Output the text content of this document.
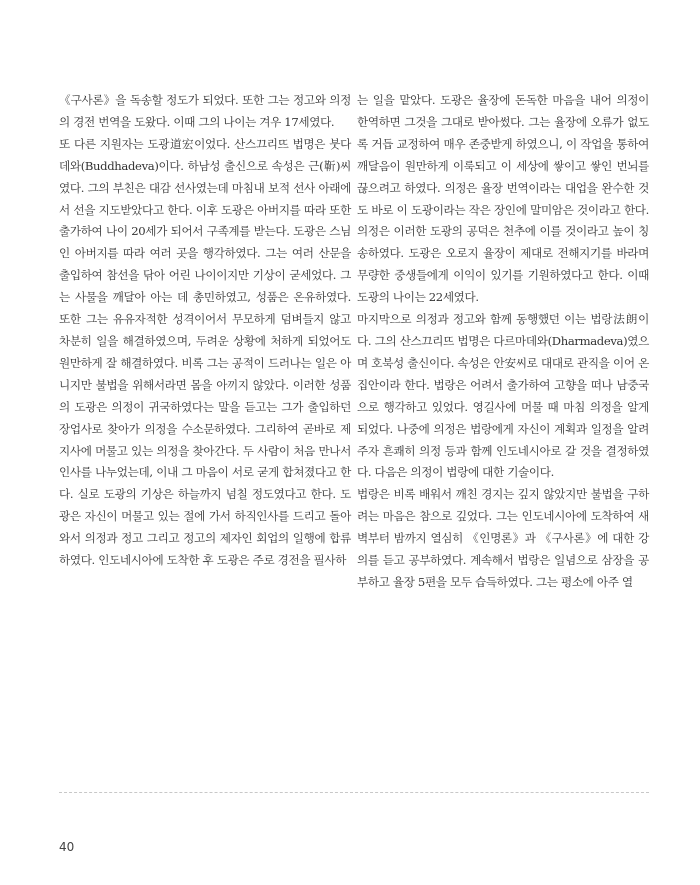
《구사론》을 독송할 정도가 되었다. 또한 그는 정고와 의정의 경전 번역을 도왔다. 이때 그의 나이는 겨우 17세였다.

또 다른 지원자는 도광道宏이었다. 산스끄리뜨 법명은 붓다데와(Buddhadeva)이다. 하남성 출신으로 속성은 근(靳)씨였다. 그의 부친은 대감 선사였는데 마침내 보적 선사 아래에서 선을 지도받았다고 한다. 이후 도광은 아버지를 따라 또한 출가하여 나이 20세가 되어서 구족계를 받는다. 도광은 스님인 아버지를 따라 여러 곳을 행각하였다. 그는 여러 산문을 출입하여 참선을 닦아 어린 나이이지만 기상이 굳세었다. 그는 사물을 깨달아 아는 데 총민하였고, 성품은 온유하였다. 또한 그는 유유자적한 성격이어서 무모하게 덤벼들지 않고 차분히 일을 해결하였으며, 두려운 상황에 처하게 되었어도 원만하게 잘 해결하였다. 비록 그는 공적이 드러나는 일은 아니지만 불법을 위해서라면 몸을 아끼지 않았다. 이러한 성품의 도광은 의정이 귀국하였다는 말을 듣고는 그가 출입하던 장업사로 찾아가 의정을 수소문하였다. 그리하여 곧바로 제지사에 머물고 있는 의정을 찾아간다. 두 사람이 처음 만나서 인사를 나누었는데, 이내 그 마음이 서로 굳게 합쳐졌다고 한다. 실로 도광의 기상은 하늘까지 넘칠 정도였다고 한다. 도광은 자신이 머물고 있는 절에 가서 하직인사를 드리고 돌아와서 의정과 정고 그리고 정고의 제자인 회업의 일행에 합류하였다. 인도네시아에 도착한 후 도광은 주로 경전을 필사하

는 일을 맡았다. 도광은 율장에 돈독한 마음을 내어 의정이 한역하면 그것을 그대로 받아썼다. 그는 율장에 오류가 없도록 거듭 교정하여 매우 존중받게 하였으니, 이 작업을 통하여 깨달음이 원만하게 이룩되고 이 세상에 쌓이고 쌓인 번뇌를 끊으려고 하였다. 의정은 율장 번역이라는 대업을 완수한 것도 바로 이 도광이라는 작은 장인에 말미암은 것이라고 한다. 의정은 이러한 도광의 공덕은 천추에 이를 것이라고 높이 칭송하였다. 도광은 오로지 율장이 제대로 전해지기를 바라며 무량한 중생들에게 이익이 있기를 기원하였다고 한다. 이때 도광의 나이는 22세였다.

마지막으로 의정과 정고와 함께 동행했던 이는 법랑法朗이다. 그의 산스끄리뜨 법명은 다르마데와(Dharmadeva)였으며 호북성 출신이다. 속성은 안安씨로 대대로 관직을 이어 온 집안이라 한다. 법랑은 어려서 출가하여 고향을 떠나 남중국으로 행각하고 있었다. 영길사에 머물 때 마침 의정을 알게 되었다. 나중에 의정은 법랑에게 자신이 계획과 일정을 알려주자 흔쾌히 의정 등과 함께 인도네시아로 갈 것을 결정하였다. 다음은 의정이 법랑에 대한 기술이다.

법랑은 비록 배워서 깨친 경지는 깊지 않았지만 불법을 구하려는 마음은 참으로 깊었다. 그는 인도네시아에 도착하여 새벽부터 밤까지 열심히 《인명론》과 《구사론》에 대한 강의를 듣고 공부하였다. 계속해서 법랑은 일념으로 삼장을 공부하고 율장 5편을 모두 습득하였다. 그는 평소에 아주 열

40
